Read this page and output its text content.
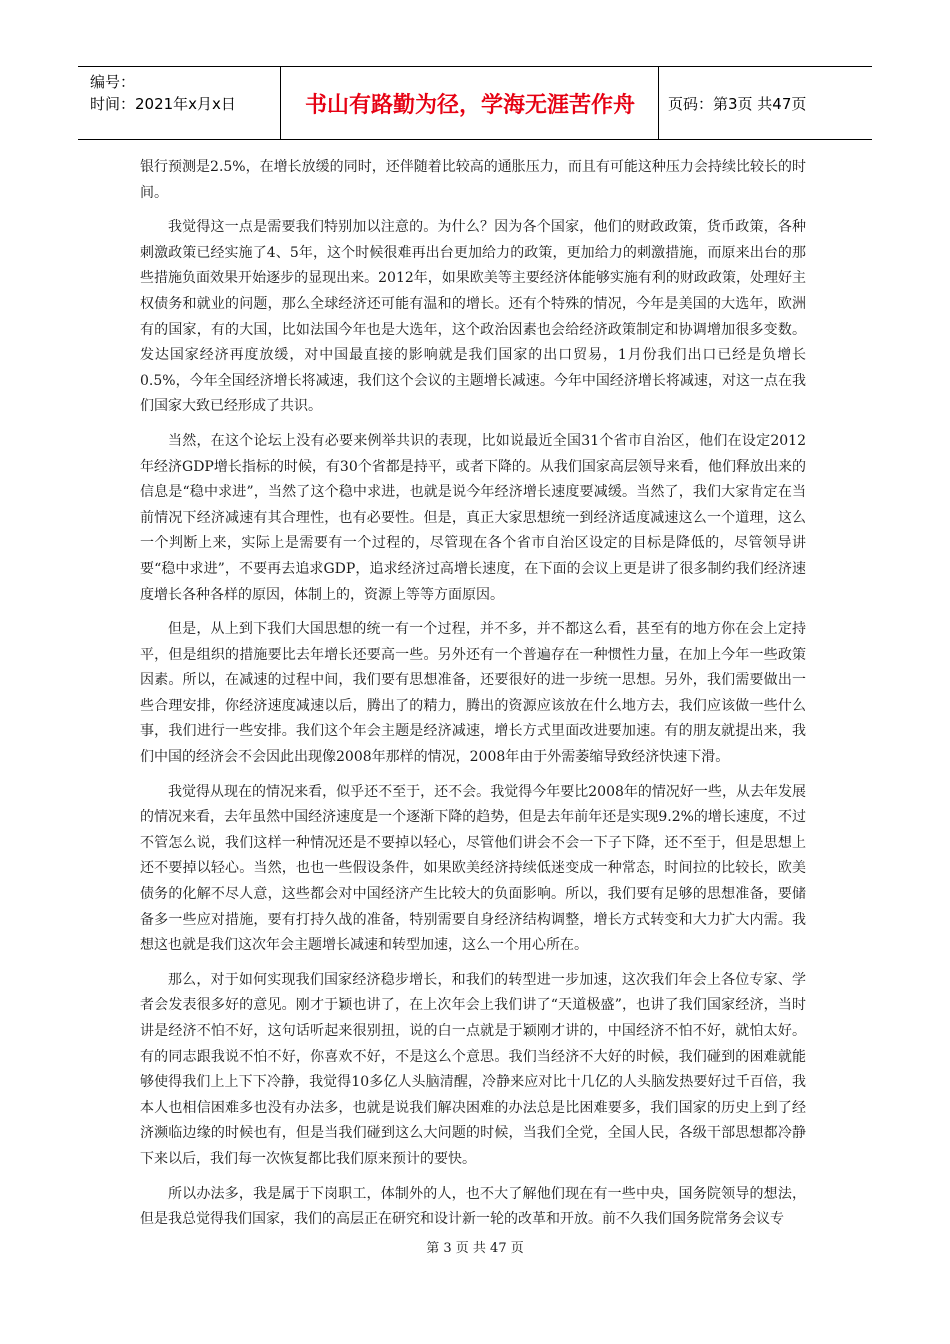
编号：
时间：2021年x月x日	书山有路勤为径，学海无涯苦作舟	页码：第3页 共47页

银行预测是2.5%，在增长放缓的同时，还伴随着比较高的通胀压力，而且有可能这种压力会持续比较长的时间。

我觉得这一点是需要我们特别加以注意的。为什么？因为各个国家，他们的财政政策，货币政策，各种刺激政策已经实施了4、5年，这个时候很难再出台更加给力的政策，更加给力的刺激措施，而原来出台的那些措施负面效果开始逐步的显现出来。2012年，如果欧美等主要经济体能够实施有利的财政政策，处理好主权债务和就业的问题，那么全球经济还可能有温和的增长。还有个特殊的情况，今年是美国的大选年，欧洲有的国家，有的大国，比如法国今年也是大选年，这个政治因素也会给经济政策制定和协调增加很多变数。发达国家经济再度放缓，对中国最直接的影响就是我们国家的出口贸易，1月份我们出口已经是负增长0.5%，今年全国经济增长将减速，我们这个会议的主题增长减速。今年中国经济增长将减速，对这一点在我们国家大致已经形成了共识。

当然，在这个论坛上没有必要来例举共识的表现，比如说最近全国31个省市自治区，他们在设定2012年经济GDP增长指标的时候，有30个省都是持平，或者下降的。从我们国家高层领导来看，他们释放出来的信息是“稳中求进”，当然了这个稳中求进，也就是说今年经济增长速度要减缓。当然了，我们大家肯定在当前情况下经济减速有其合理性，也有必要性。但是，真正大家思想统一到经济适度减速这么一个道理，这么一个判断上来，实际上是需要有一个过程的，尽管现在各个省市自治区设定的目标是降低的，尽管领导讲要“稳中求进”，不要再去追求GDP，追求经济过高增长速度，在下面的会议上更是讲了很多制约我们经济速度增长各种各样的原因，体制上的，资源上等等方面原因。

但是，从上到下我们大国思想的统一有一个过程，并不多，并不都这么看，甚至有的地方你在会上定持平，但是组织的措施要比去年增长还要高一些。另外还有一个普遍存在一种惯性力量，在加上今年一些政策因素。所以，在减速的过程中间，我们要有思想准备，还要很好的进一步统一思想。另外，我们需要做出一些合理安排，你经济速度减速以后，腾出了的精力，腾出的资源应该放在什么地方去，我们应该做一些什么事，我们进行一些安排。我们这个年会主题是经济减速，增长方式里面改进要加速。有的朋友就提出来，我们中国的经济会不会因此出现像2008年那样的情况，2008年由于外需萎缩导致经济快速下滑。

我觉得从现在的情况来看，似乎还不至于，还不会。我觉得今年要比2008年的情况好一些，从去年发展的情况来看，去年虽然中国经济速度是一个逐渐下降的趋势，但是去年前年还是实现9.2%的增长速度，不过不管怎么说，我们这样一种情况还是不要掉以轻心，尽管他们讲会不会一下子下降，还不至于，但是思想上还不要掉以轻心。当然，也也一些假设条件，如果欧美经济持续低迷变成一种常态，时间拉的比较长，欧美债务的化解不尽人意，这些都会对中国经济产生比较大的负面影响。所以，我们要有足够的思想准备，要储备多一些应对措施，要有打持久战的准备，特别需要自身经济结构调整，增长方式转变和大力扩大内需。我想这也就是我们这次年会主题增长减速和转型加速，这么一个用心所在。

那么，对于如何实现我们国家经济稳步增长，和我们的转型进一步加速，这次我们年会上各位专家、学者会发表很多好的意见。刚才于颖也讲了，在上次年会上我们讲了“天道极盛”，也讲了我们国家经济，当时讲是经济不怕不好，这句话听起来很别扭，说的白一点就是于颖刚才讲的，中国经济不怕不好，就怕太好。有的同志跟我说不怕不好，你喜欢不好，不是这么个意思。我们当经济不大好的时候，我们碰到的困难就能够使得我们上上下下冷静，我觉得10多亿人头脑清醒，冷静来应对比十几亿的人头脑发热要好过千百倍，我本人也相信困难多也没有办法多，也就是说我们解决困难的办法总是比困难要多，我们国家的历史上到了经济濒临边缘的时候也有，但是当我们碰到这么大问题的时候，当我们全党，全国人民，各级干部思想都冷静下来以后，我们每一次恢复都比我们原来预计的要快。

所以办法多，我是属于下岗职工，体制外的人，也不大了解他们现在有一些中央，国务院领导的想法，但是我总觉得我们国家，我们的高层正在研究和设计新一轮的改革和开放。前不久我们国务院常务会议专

第 3 页 共 47 页
